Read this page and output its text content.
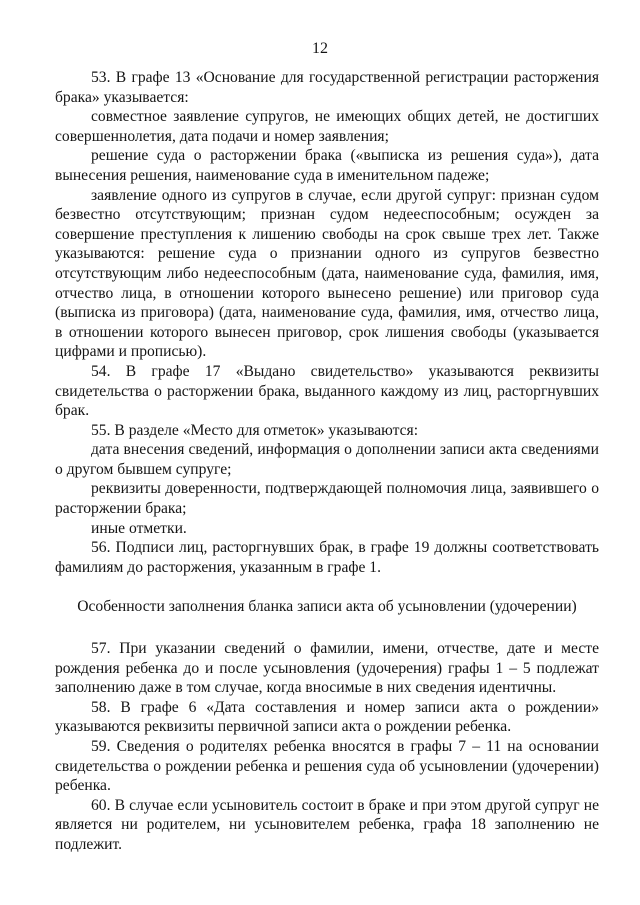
12

53. В графе 13 «Основание для государственной регистрации расторжения брака» указывается:

совместное заявление супругов, не имеющих общих детей, не достигших совершеннолетия, дата подачи и номер заявления;

решение суда о расторжении брака («выписка из решения суда»), дата вынесения решения, наименование суда в именительном падеже;

заявление одного из супругов в случае, если другой супруг: признан судом безвестно отсутствующим; признан судом недееспособным; осужден за совершение преступления к лишению свободы на срок свыше трех лет. Также указываются: решение суда о признании одного из супругов безвестно отсутствующим либо недееспособным (дата, наименование суда, фамилия, имя, отчество лица, в отношении которого вынесено решение) или приговор суда (выписка из приговора) (дата, наименование суда, фамилия, имя, отчество лица, в отношении которого вынесен приговор, срок лишения свободы (указывается цифрами и прописью).

54. В графе 17 «Выдано свидетельство» указываются реквизиты свидетельства о расторжении брака, выданного каждому из лиц, расторгнувших брак.

55. В разделе «Место для отметок» указываются:

дата внесения сведений, информация о дополнении записи акта сведениями о другом бывшем супруге;

реквизиты доверенности, подтверждающей полномочия лица, заявившего о расторжении брака;

иные отметки.

56. Подписи лиц, расторгнувших брак, в графе 19 должны соответствовать фамилиям до расторжения, указанным в графе 1.

Особенности заполнения бланка записи акта об усыновлении (удочерении)

57. При указании сведений о фамилии, имени, отчестве, дате и месте рождения ребенка до и после усыновления (удочерения) графы 1 – 5 подлежат заполнению даже в том случае, когда вносимые в них сведения идентичны.

58. В графе 6 «Дата составления и номер записи акта о рождении» указываются реквизиты первичной записи акта о рождении ребенка.

59. Сведения о родителях ребенка вносятся в графы 7 – 11 на основании свидетельства о рождении ребенка и решения суда об усыновлении (удочерении) ребенка.

60. В случае если усыновитель состоит в браке и при этом другой супруг не является ни родителем, ни усыновителем ребенка, графа 18 заполнению не подлежит.
